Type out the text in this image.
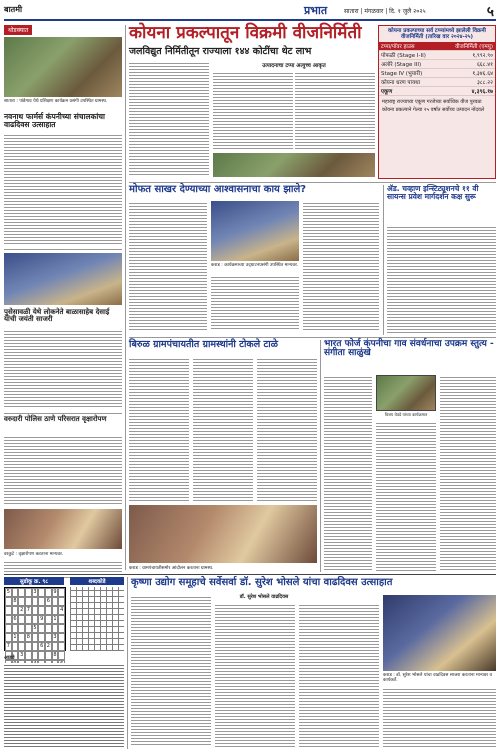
बातमी	प्रभात	सातारा | मंगळवार | दि. १ जुलै २०२५	५
थोडक्यात
सातारा : पांडेगाव येथे प्रशिक्षण कार्यक्रम प्रसंगी उपस्थित ग्रामस्थ.
नवनाथ फार्मर्स कंपनीच्या संचालकांचा वाढदिवस उत्साहात
पुसेसावळी येथे लोकनेते बाळासाहेब देसाई यांची जयंती साजरी
वरुदारी पोलिस ठाणे परिसरात वृक्षारोपण
वरकुटे : वृक्षारोपण करताना मान्यवर.
कोयना प्रकल्पातून विक्रमी वीजनिर्मिती
जलविद्युत निर्मितीतून राज्याला १४४ कोटींचा थेट लाभ
उत्पादनाचा टप्पा अत्युच्च आकृत
कोयना प्रकल्पाच्या सर्व टप्प्यांमध्ये झालेली विक्रमी वीजनिर्मिती (तारिख वार २०२४-२५)
टप्पा/पॉवर हाउस	वीजनिर्मिती (एमयु)
पोफळी (Stage I-II)	१,९९२.९०
अलोरे (Stage III)	६६८.४१
Stage IV (भुयारी)	१,३४६.६४
कोयना धरण पायथा	३८८.२२
एकूण	४,३९६.१७
महाराष्ट्र राज्याच्या एकूण गरजेच्या सर्वाधिक वीज पुरवठा
कोयना प्रकल्पाने गेल्या २५ वर्षांत सर्वोच्च उत्पादन नोंदवले
मोफत साखर देण्याच्या आश्वासनाचा काय झाले?
कराड : कार्यक्रमाच्या उद्‌घाटनप्रसंगी उपस्थित मान्यवर.
ॲड. चव्हाण इन्स्टिट्यूशनचे ११ वी सायन्स प्रवेश मार्गदर्शन कक्ष सुरू
बिरुळ ग्रामपंचायतीत ग्रामस्थांनी टोकले टाळे
कराड : ग्रामपंचायतीसमोर आंदोलन करताना ग्रामस्थ.
भारत फोर्ज कंपनीचा गाव संवर्धनाचा उपक्रम स्तुत्य - संगीता साळुंखे
विजय घेवडे यांच्या कार्यक्रमात
सुडोकू क्र. ९८
5	3	9
8	6
2 7	4
6	9	1
5
1	8	3
7	6 2
3	8
शब्दकोडे
आडवे
कृष्णा उद्योग समूहाचे सर्वेसर्वा डॉ. सुरेश भोसले यांचा वाढदिवस उत्साहात
डॉ. सुरेश भोसले वाढदिवस
कराड : डॉ. सुरेश भोसले यांचा वाढदिवस साजरा करताना मान्यवर व कार्यकर्ते.
